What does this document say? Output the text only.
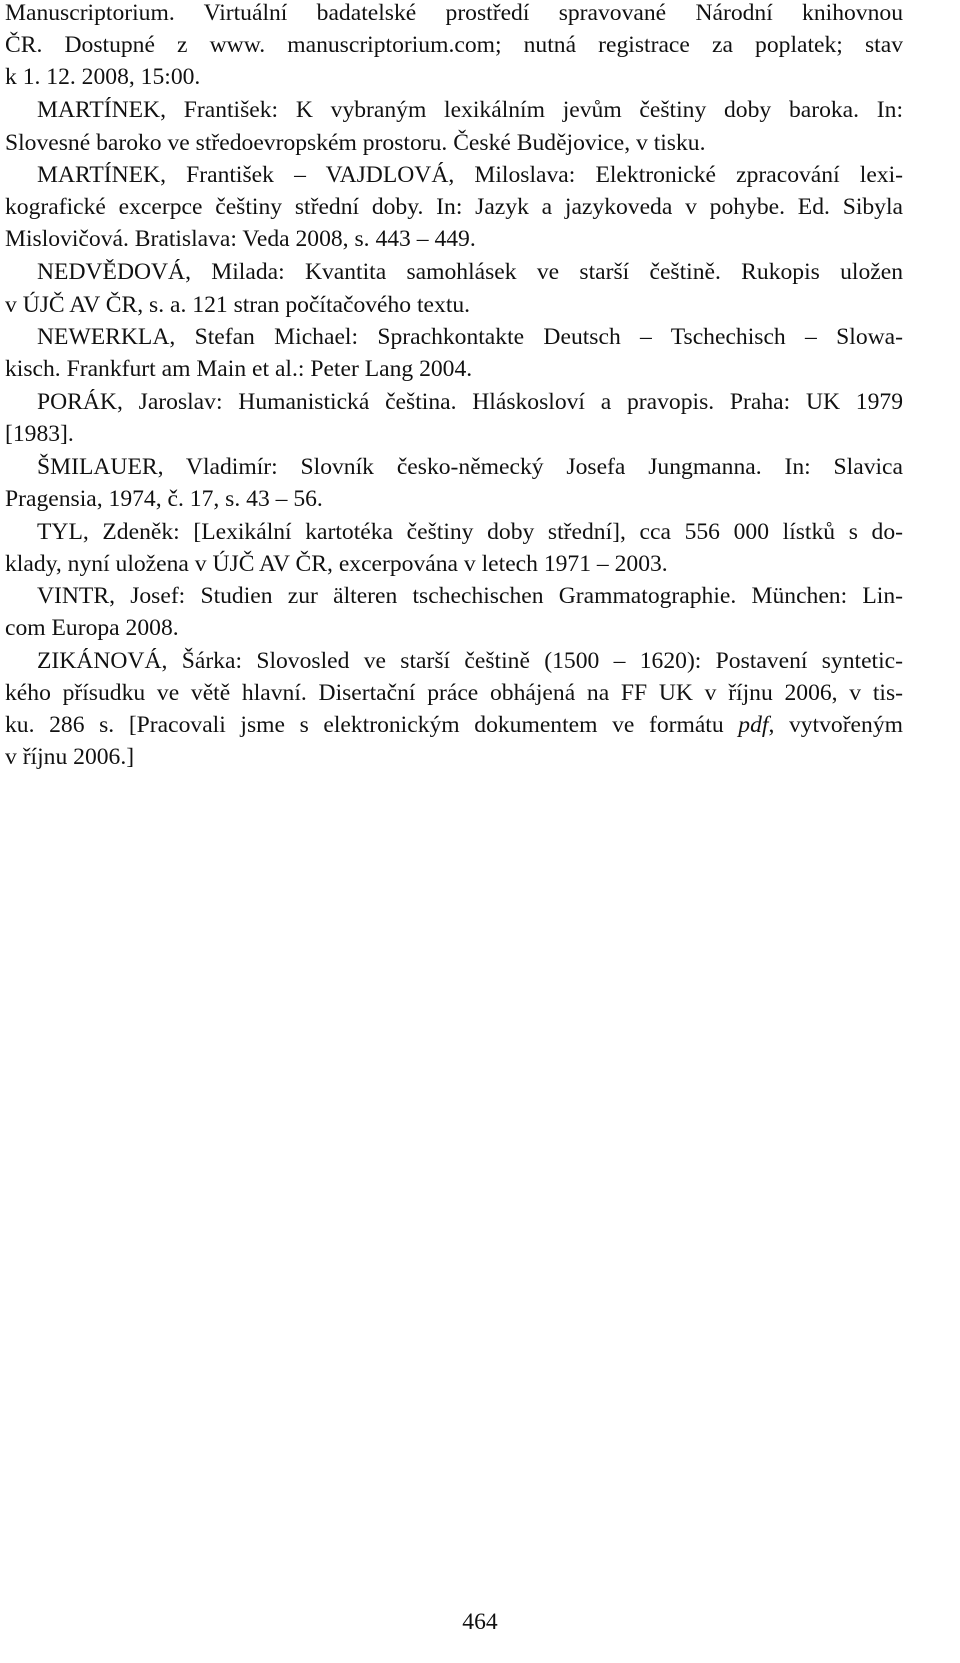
Manuscriptorium. Virtuální badatelské prostředí spravované Národní knihovnou
ČR. Dostupné z www. manuscriptorium.com; nutná registrace za poplatek; stav
k 1. 12. 2008, 15:00.
MARTÍNEK, František: K vybraným lexikálním jevům češtiny doby baroka. In:
Slovesné baroko ve středoevropském prostoru. České Budějovice, v tisku.
MARTÍNEK, František – VAJDLOVÁ, Miloslava: Elektronické zpracování lexi-
kografické excerpce češtiny střední doby. In: Jazyk a jazykoveda v pohybe. Ed. Sibyla
Mislovičová. Bratislava: Veda 2008, s. 443 – 449.
NEDVĚDOVÁ, Milada: Kvantita samohlásek ve starší češtině. Rukopis uložen
v ÚJČ AV ČR, s. a. 121 stran počítačového textu.
NEWERKLA, Stefan Michael: Sprachkontakte Deutsch – Tschechisch – Slowa-
kisch. Frankfurt am Main et al.: Peter Lang 2004.
PORÁK, Jaroslav: Humanistická čeština. Hláskosloví a pravopis. Praha: UK 1979
[1983].
ŠMILAUER, Vladimír: Slovník česko-německý Josefa Jungmanna. In: Slavica
Pragensia, 1974, č. 17, s. 43 – 56.
TYL, Zdeněk: [Lexikální kartotéka češtiny doby střední], cca 556 000 lístků s do-
klady, nyní uložena v ÚJČ AV ČR, excerpována v letech 1971 – 2003.
VINTR, Josef: Studien zur älteren tschechischen Grammatographie. München: Lin-
com Europa 2008.
ZIKÁNOVÁ, Šárka: Slovosled ve starší češtině (1500 – 1620): Postavení syntetic-
kého přísudku ve větě hlavní. Disertační práce obhájená na FF UK v říjnu 2006, v tis-
ku. 286 s. [Pracovali jsme s elektronickým dokumentem ve formátu pdf, vytvořeným
v říjnu 2006.]
464
